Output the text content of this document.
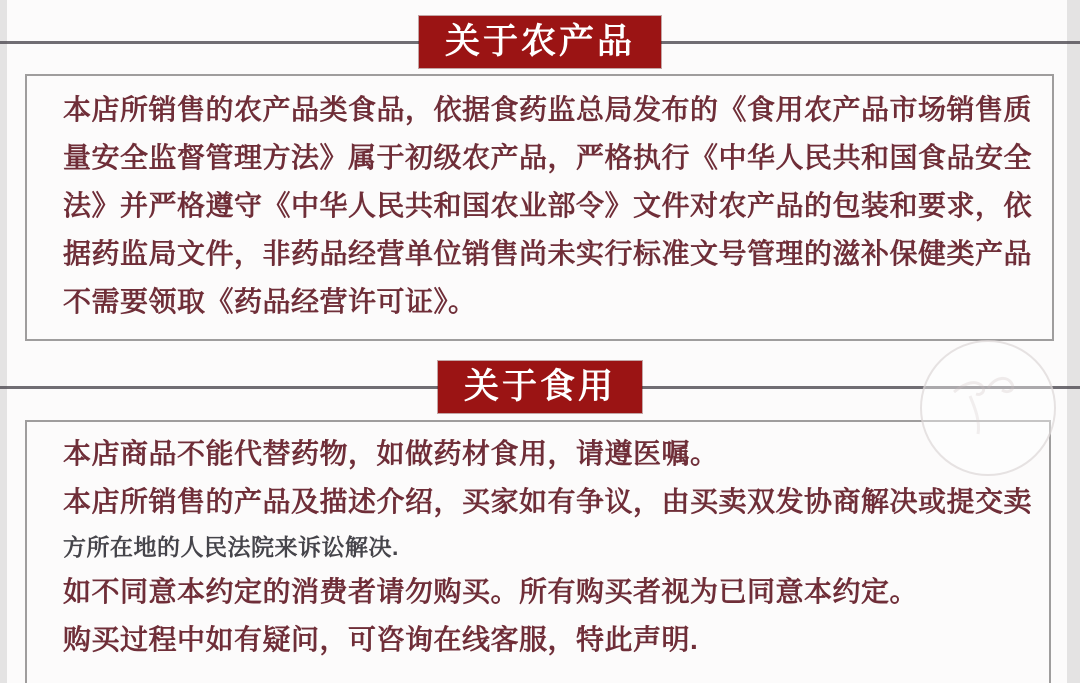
关于农产品
本店所销售的农产品类食品，依据食药监总局发布的《食用农产品市场销售质
量安全监督管理方法》属于初级农产品，严格执行《中华人民共和国食品安全
法》并严格遵守《中华人民共和国农业部令》文件对农产品的包装和要求，依
据药监局文件，非药品经营单位销售尚未实行标准文号管理的滋补保健类产品
不需要领取《药品经营许可证》。
关于食用
本店商品不能代替药物，如做药材食用，请遵医嘱。
本店所销售的产品及描述介绍，买家如有争议，由买卖双发协商解决或提交卖
方所在地的人民法院来诉讼解决.
如不同意本约定的消费者请勿购买。所有购买者视为已同意本约定。
购买过程中如有疑问，可咨询在线客服，特此声明.
